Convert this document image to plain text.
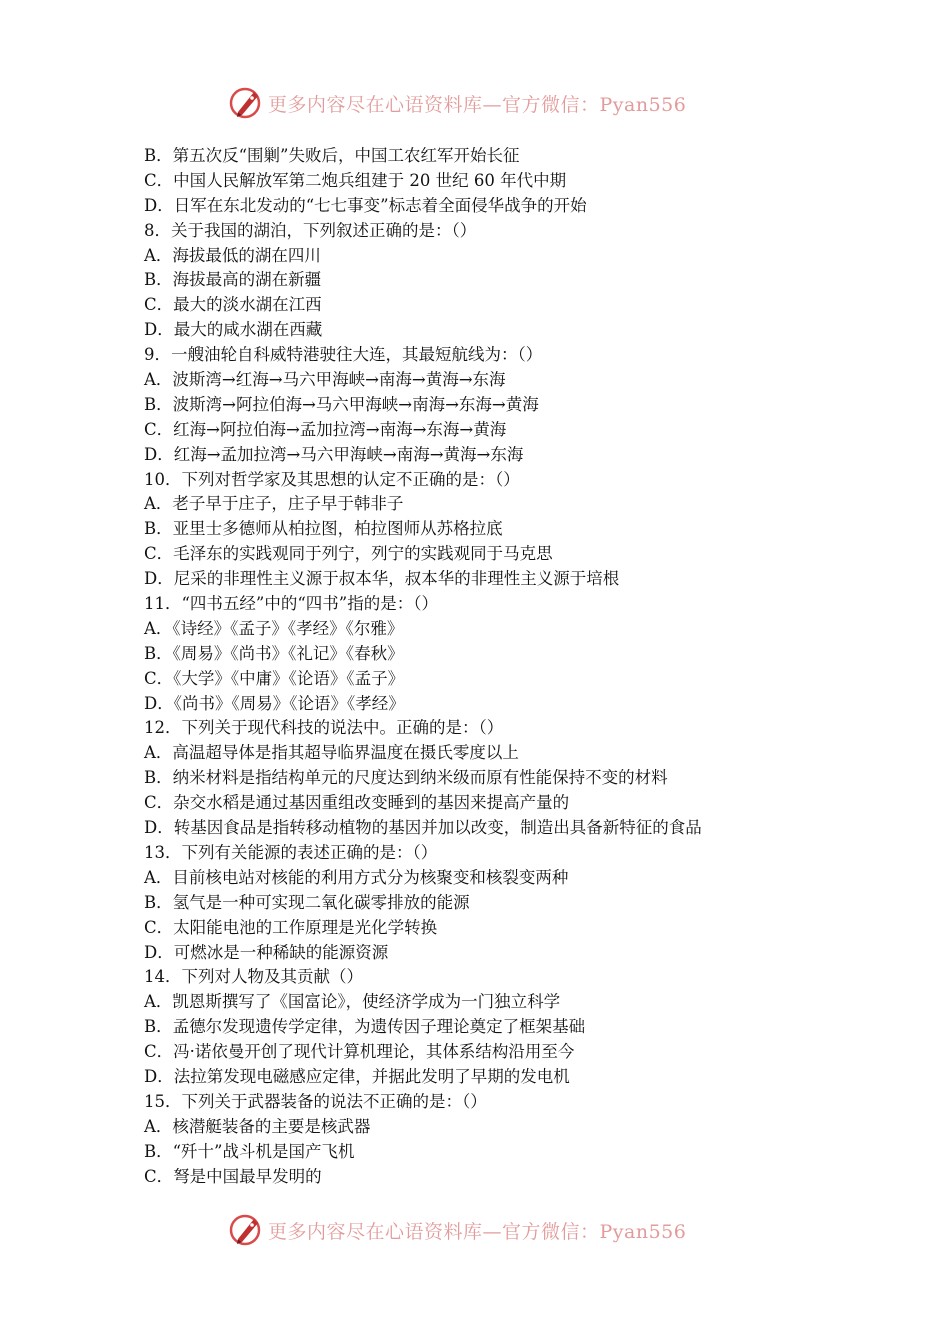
更多内容尽在心语资料库—官方微信：Pyan556
B．第五次反“围剿”失败后，中国工农红军开始长征
C．中国人民解放军第二炮兵组建于 20 世纪 60 年代中期
D．日军在东北发动的“七七事变”标志着全面侵华战争的开始
8．关于我国的湖泊，下列叙述正确的是：（）
A．海拔最低的湖在四川
B．海拔最高的湖在新疆
C．最大的淡水湖在江西
D．最大的咸水湖在西藏
9．一艘油轮自科威特港驶往大连，其最短航线为：（）
A．波斯湾→红海→马六甲海峡→南海→黄海→东海
B．波斯湾→阿拉伯海→马六甲海峡→南海→东海→黄海
C．红海→阿拉伯海→孟加拉湾→南海→东海→黄海
D．红海→孟加拉湾→马六甲海峡→南海→黄海→东海
10．下列对哲学家及其思想的认定不正确的是：（）
A．老子早于庄子，庄子早于韩非子
B．亚里士多德师从柏拉图，柏拉图师从苏格拉底
C．毛泽东的实践观同于列宁，列宁的实践观同于马克思
D．尼采的非理性主义源于叔本华，叔本华的非理性主义源于培根
11．“四书五经”中的“四书”指的是：（）
A．《诗经》《孟子》《孝经》《尔雅》
B．《周易》《尚书》《礼记》《春秋》
C．《大学》《中庸》《论语》《孟子》
D．《尚书》《周易》《论语》《孝经》
12．下列关于现代科技的说法中。正确的是：（）
A．高温超导体是指其超导临界温度在摄氏零度以上
B．纳米材料是指结构单元的尺度达到纳米级而原有性能保持不变的材料
C．杂交水稻是通过基因重组改变睡到的基因来提高产量的
D．转基因食品是指转移动植物的基因并加以改变，制造出具备新特征的食品
13．下列有关能源的表述正确的是：（）
A．目前核电站对核能的利用方式分为核聚变和核裂变两种
B．氢气是一种可实现二氧化碳零排放的能源
C．太阳能电池的工作原理是光化学转换
D．可燃冰是一种稀缺的能源资源
14．下列对人物及其贡献（）
A．凯恩斯撰写了《国富论》，使经济学成为一门独立科学
B．孟德尔发现遗传学定律，为遗传因子理论奠定了框架基础
C．冯·诺依曼开创了现代计算机理论，其体系结构沿用至今
D．法拉第发现电磁感应定律，并据此发明了早期的发电机
15．下列关于武器装备的说法不正确的是：（）
A．核潜艇装备的主要是核武器
B．“歼十”战斗机是国产飞机
C．弩是中国最早发明的
更多内容尽在心语资料库—官方微信：Pyan556
